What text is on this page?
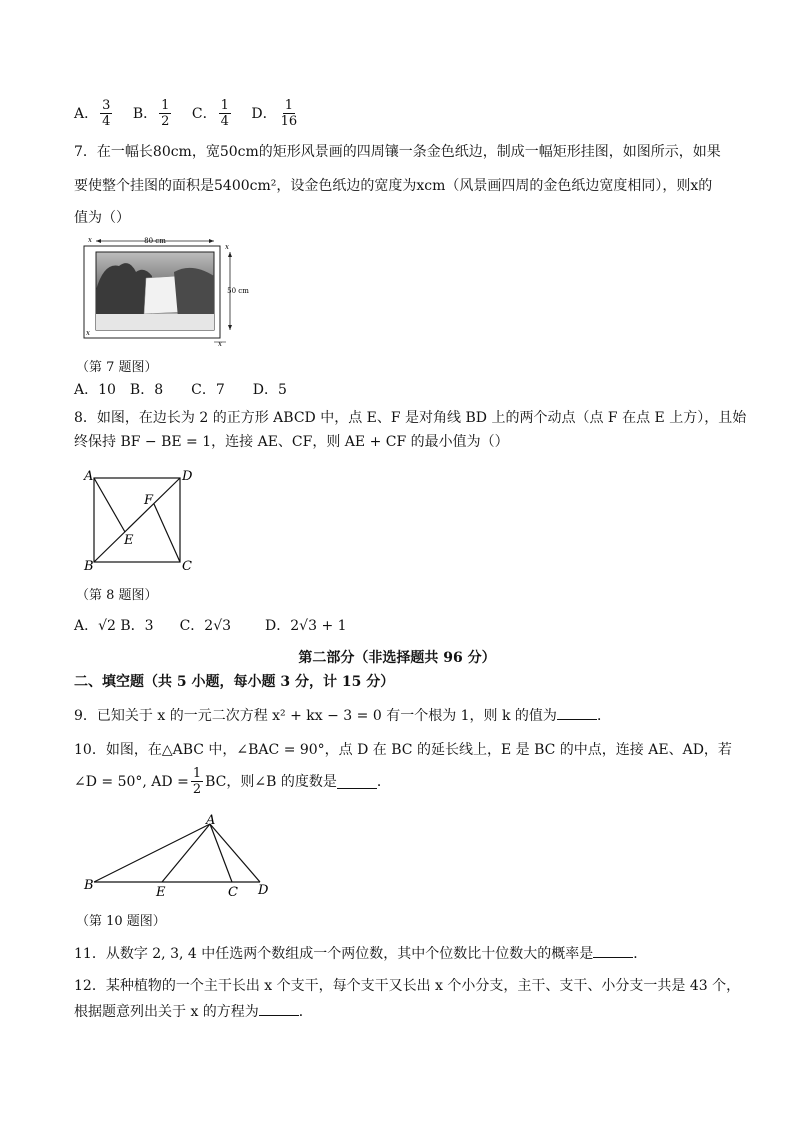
A． $\frac{3}{4}$
B． $\frac{1}{2}$
C． $\frac{1}{4}$
D． $\frac{1}{16}$
7．在一幅长80cm，宽50cm的矩形风景画的四周镶一条金色纸边，制成一幅矩形挂图，如图所示，如果
要使整个挂图的面积是5400cm²，设金色纸边的宽度为xcm（风景画四周的金色纸边宽度相同），则x的
值为（）
80 cm
x
x
50 cm
x
x
（第 7 题图）
A．10　B．8　　C．7　　D．5
8．如图，在边长为 2 的正方形 ABCD 中，点 E、F 是对角线 BD 上的两个动点（点 F 在点 E 上方），且始
终保持 BF − BE = 1，连接 AE、CF，则 AE + CF 的最小值为（）
A	D
B	C
E
F
（第 8 题图）
A．√2 B．3 C．2√3 D．2√3 + 1
第二部分（非选择题共 96 分）
二、填空题（共 5 小题，每小题 3 分，计 15 分）
9．已知关于 x 的一元二次方程 x² + kx − 3 = 0 有一个根为 1，则 k 的值为	．
10．如图，在△ABC 中，∠BAC = 90°，点 D 在 BC 的延长线上，E 是 BC 的中点，连接 AE、AD，若
∠D = 50°, AD = $\frac{1}{2}$ BC，则∠B 的度数是	．
A
B	E	C D
（第 10 题图）
11．从数字 2, 3, 4 中任选两个数组成一个两位数，其中个位数比十位数大的概率是	．
12．某种植物的一个主干长出 x 个支干，每个支干又长出 x 个小分支，主干、支干、小分支一共是 43 个，
根据题意列出关于 x 的方程为	．
